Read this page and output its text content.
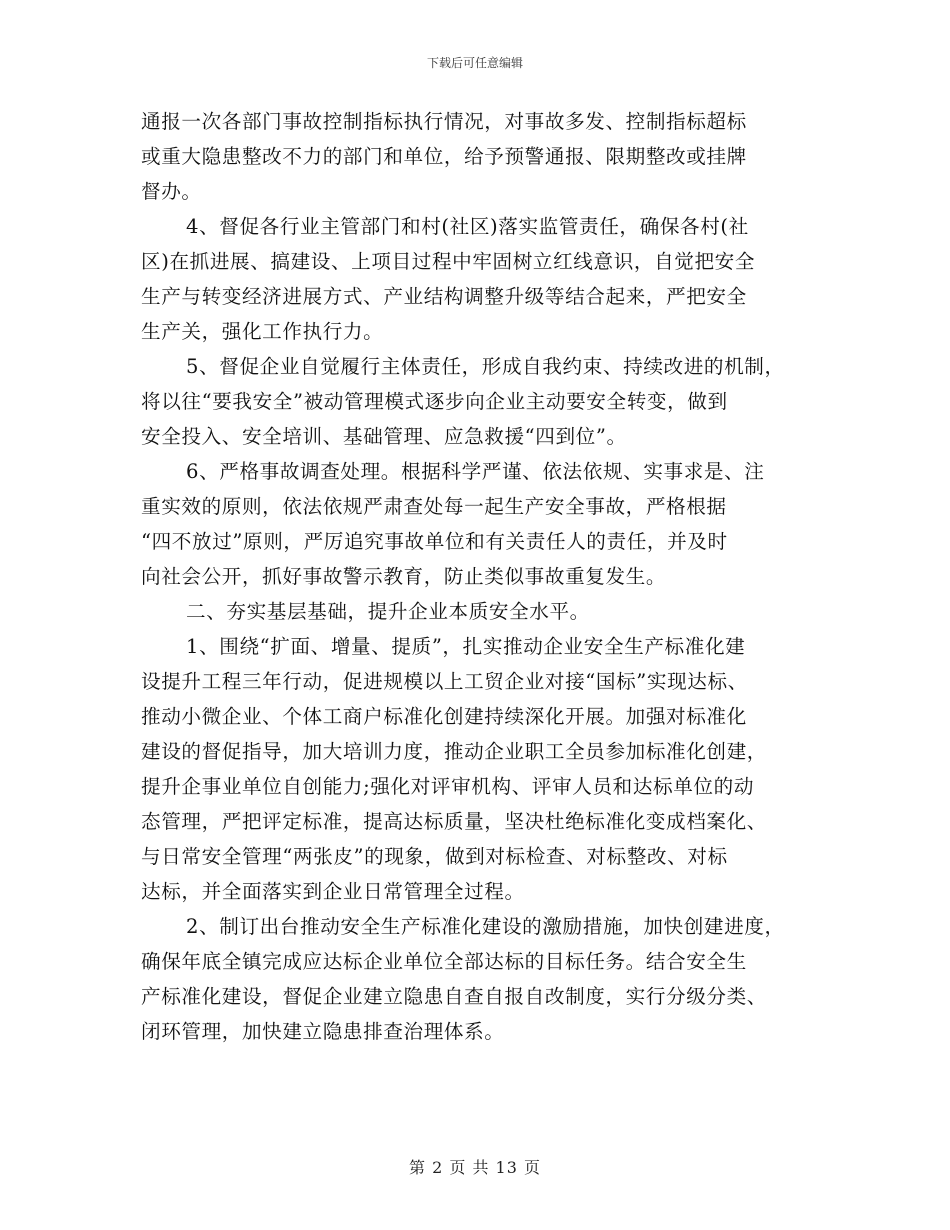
下载后可任意编辑
通报一次各部门事故控制指标执行情况，对事故多发、控制指标超标
或重大隐患整改不力的部门和单位，给予预警通报、限期整改或挂牌
督办。
4、督促各行业主管部门和村(社区)落实监管责任，确保各村(社
区)在抓进展、搞建设、上项目过程中牢固树立红线意识，自觉把安全
生产与转变经济进展方式、产业结构调整升级等结合起来，严把安全
生产关，强化工作执行力。
5、督促企业自觉履行主体责任，形成自我约束、持续改进的机制，
将以往“要我安全”被动管理模式逐步向企业主动要安全转变，做到
安全投入、安全培训、基础管理、应急救援“四到位”。
6、严格事故调查处理。根据科学严谨、依法依规、实事求是、注
重实效的原则，依法依规严肃查处每一起生产安全事故，严格根据
“四不放过”原则，严厉追究事故单位和有关责任人的责任，并及时
向社会公开，抓好事故警示教育，防止类似事故重复发生。
二、夯实基层基础，提升企业本质安全水平。
1、围绕“扩面、增量、提质”，扎实推动企业安全生产标准化建
设提升工程三年行动，促进规模以上工贸企业对接“国标”实现达标、
推动小微企业、个体工商户标准化创建持续深化开展。加强对标准化
建设的督促指导，加大培训力度，推动企业职工全员参加标准化创建，
提升企事业单位自创能力;强化对评审机构、评审人员和达标单位的动
态管理，严把评定标准，提高达标质量，坚决杜绝标准化变成档案化、
与日常安全管理“两张皮”的现象，做到对标检查、对标整改、对标
达标，并全面落实到企业日常管理全过程。
2、制订出台推动安全生产标准化建设的激励措施，加快创建进度，
确保年底全镇完成应达标企业单位全部达标的目标任务。结合安全生
产标准化建设，督促企业建立隐患自查自报自改制度，实行分级分类、
闭环管理，加快建立隐患排查治理体系。
第 2 页 共 13 页
